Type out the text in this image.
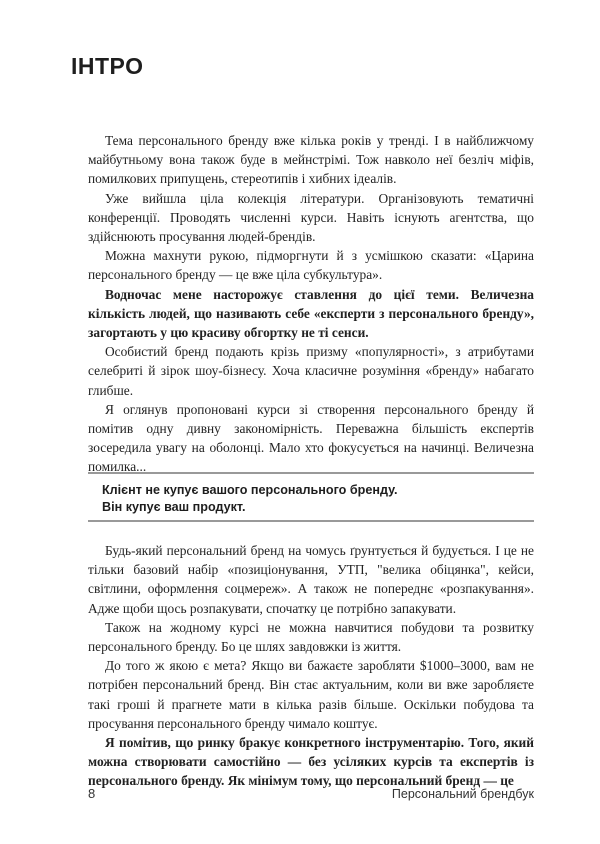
ІНТРО

Тема персонального бренду вже кілька років у тренді. І в найближчому майбутньому вона також буде в мейнстрімі. Тож навколо неї безліч міфів, помилкових припущень, стереотипів і хибних ідеалів.

Уже вийшла ціла колекція літератури. Організовують тематичні конференції. Проводять численні курси. Навіть існують агентства, що здійснюють просування людей-брендів.

Можна махнути рукою, підморгнути й з усмішкою сказати: «Царина персонального бренду — це вже ціла субкультура».

Водночас мене насторожує ставлення до цієї теми. Величезна кількість людей, що називають себе «експерти з персонального бренду», загортають у цю красиву обгортку не ті сенси.

Особистий бренд подають крізь призму «популярності», з атрибутами селебриті й зірок шоу-бізнесу. Хоча класичне розуміння «бренду» набагато глибше.

Я оглянув пропоновані курси зі створення персонального бренду й помітив одну дивну закономірність. Переважна більшість експертів зосередила увагу на оболонці. Мало хто фокусується на начинці. Величезна помилка...

Клієнт не купує вашого персонального бренду.
Він купує ваш продукт.

Будь-який персональний бренд на чомусь ґрунтується й будується. І це не тільки базовий набір «позиціонування, УТП, "велика обіцянка", кейси, світлини, оформлення соцмереж». А також не попереднє «розпакування». Адже щоби щось розпакувати, спочатку це потрібно запакувати.

Також на жодному курсі не можна навчитися побудови та розвитку персонального бренду. Бо це шлях завдовжки із життя.

До того ж якою є мета? Якщо ви бажаєте заробляти $1000–3000, вам не потрібен персональний бренд. Він стає актуальним, коли ви вже заробляєте такі гроші й прагнете мати в кілька разів більше. Оскільки побудова та просування персонального бренду чимало коштує.

Я помітив, що ринку бракує конкретного інструментарію. Того, який можна створювати самостійно — без усіляких курсів та експертів із персонального бренду. Як мінімум тому, що персональний бренд — це

8	Персональний брендбук
